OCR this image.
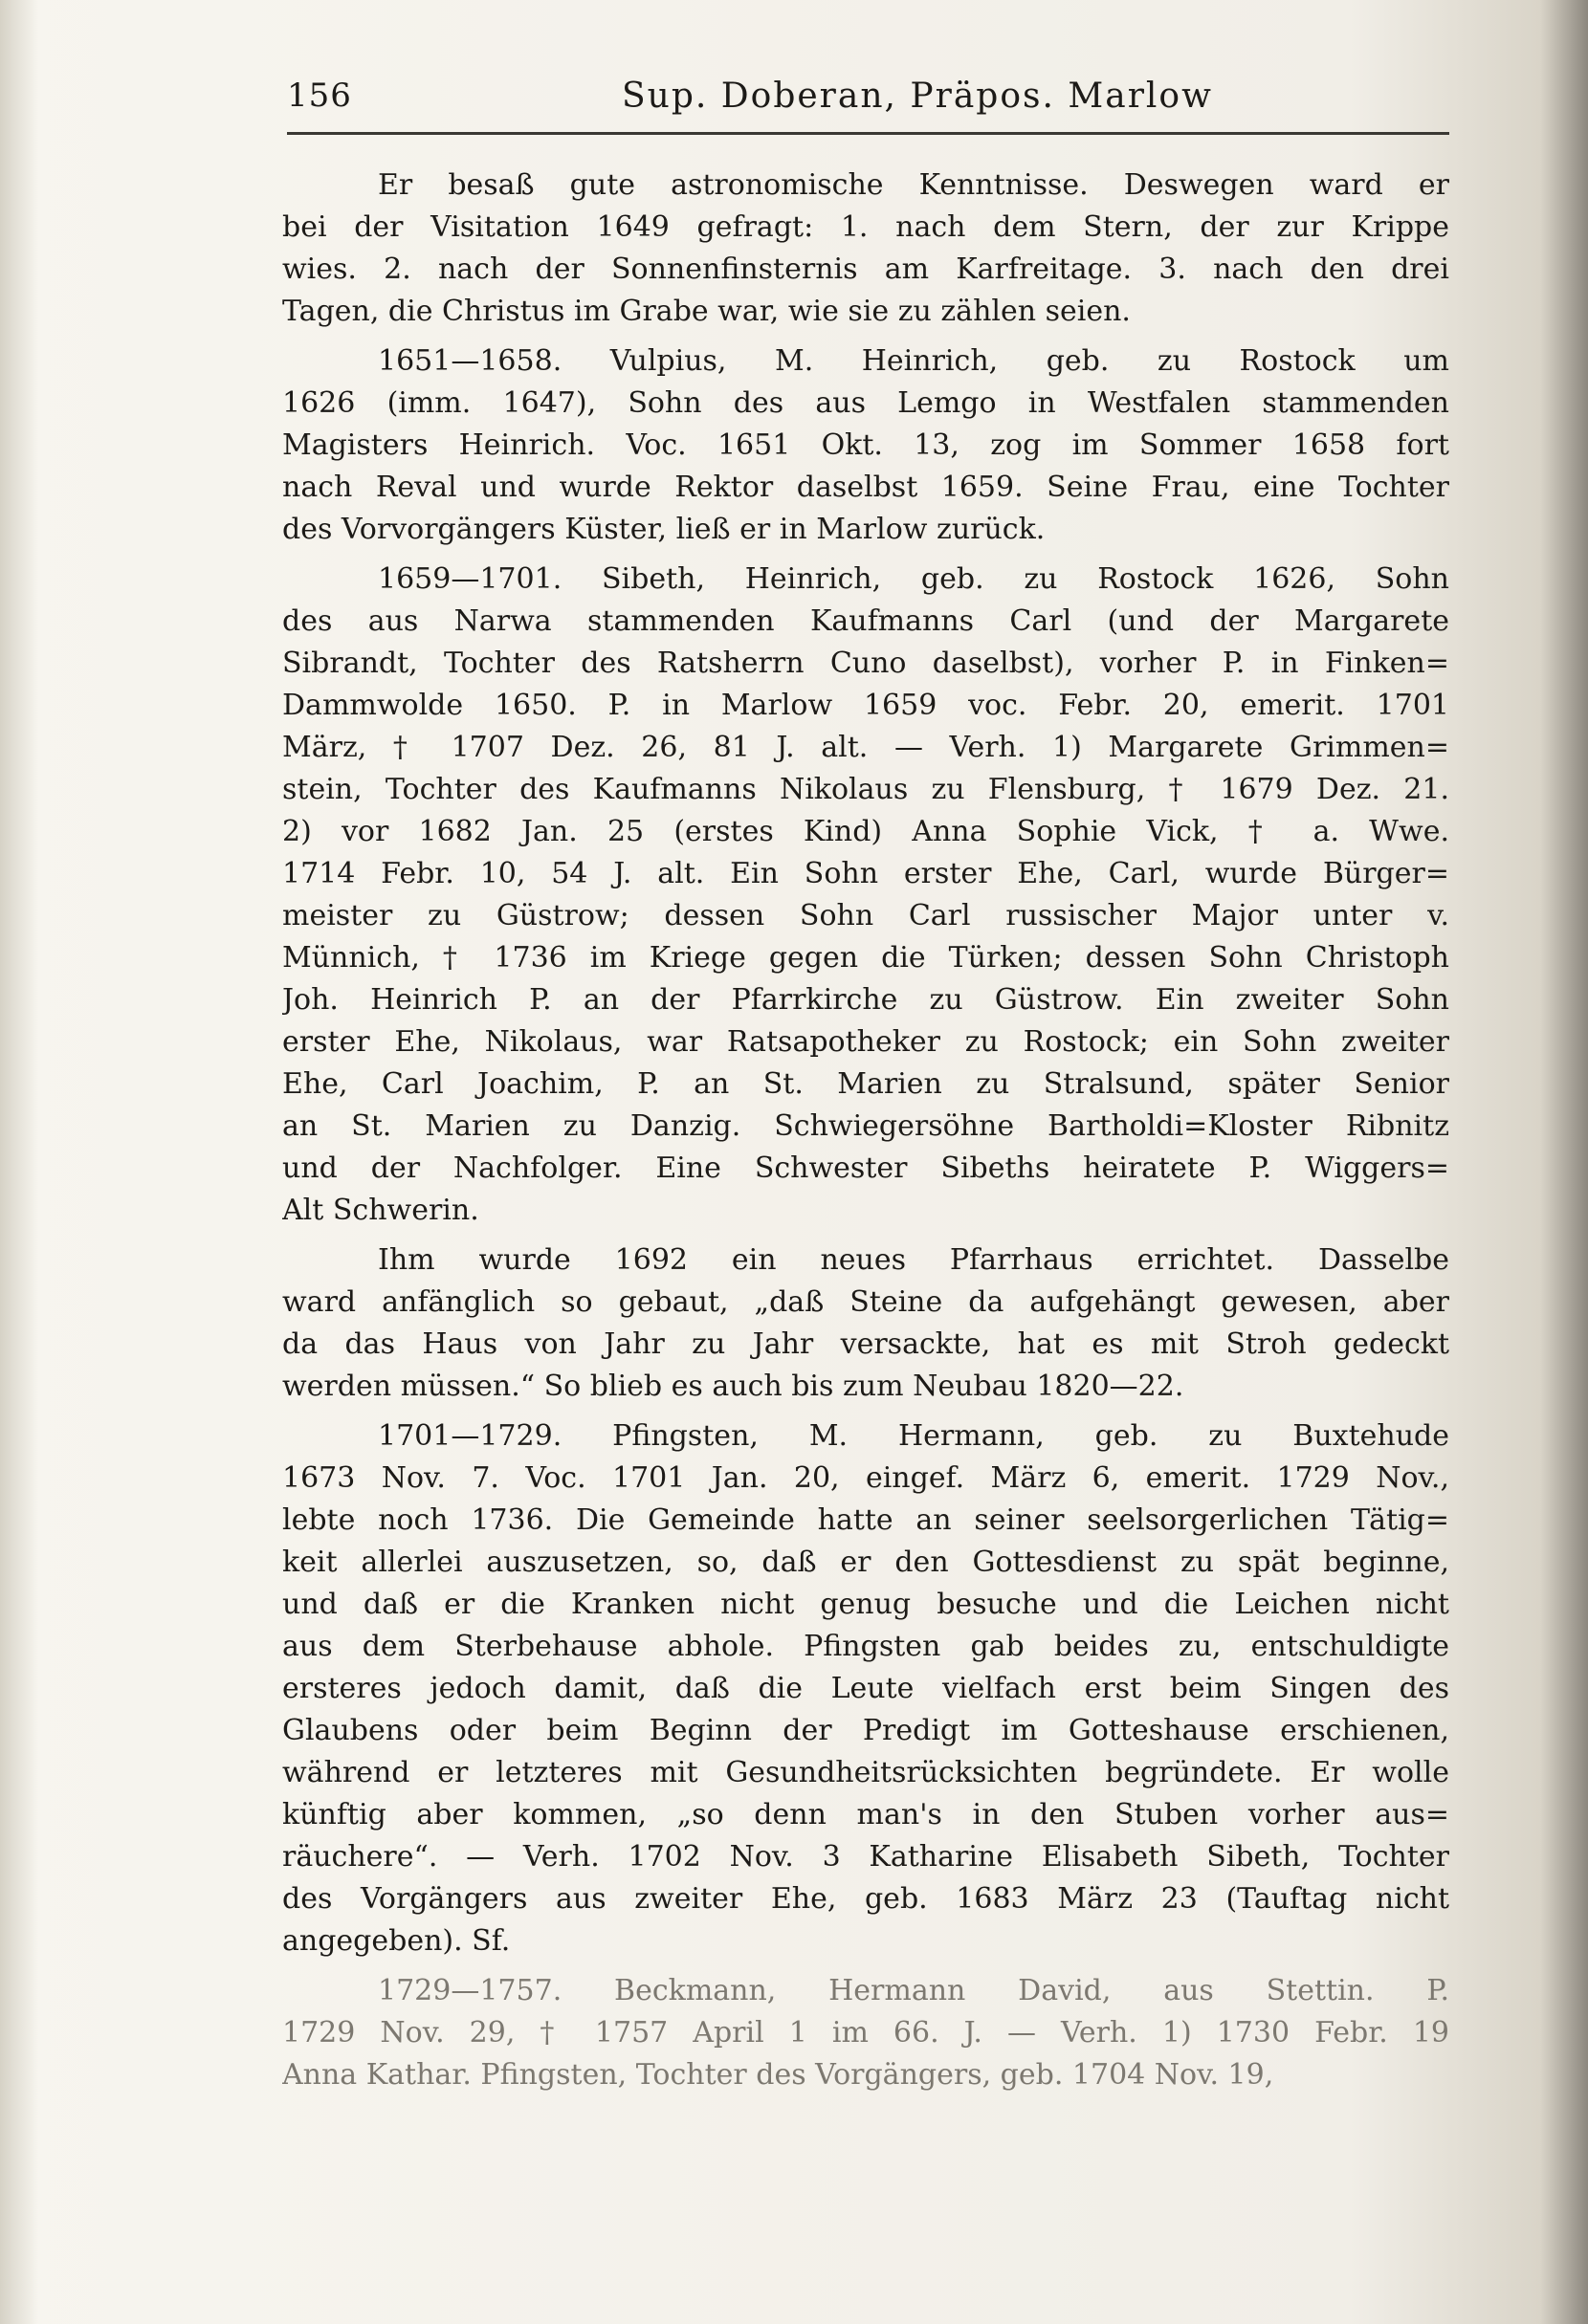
156	Sup. Doberan, Präpos. Marlow
Er besaß gute astronomische Kenntnisse. Deswegen ward er
bei der Visitation 1649 gefragt: 1. nach dem Stern, der zur Krippe
wies. 2. nach der Sonnenfinsternis am Karfreitage. 3. nach den drei
Tagen, die Christus im Grabe war, wie sie zu zählen seien.
1651—1658. Vulpius, M. Heinrich, geb. zu Rostock um
1626 (imm. 1647), Sohn des aus Lemgo in Westfalen stammenden
Magisters Heinrich. Voc. 1651 Okt. 13, zog im Sommer 1658 fort
nach Reval und wurde Rektor daselbst 1659. Seine Frau, eine Tochter
des Vorvorgängers Küster, ließ er in Marlow zurück.
1659—1701. Sibeth, Heinrich, geb. zu Rostock 1626, Sohn
des aus Narwa stammenden Kaufmanns Carl (und der Margarete
Sibrandt, Tochter des Ratsherrn Cuno daselbst), vorher P. in Finken=
Dammwolde 1650. P. in Marlow 1659 voc. Febr. 20, emerit. 1701
März, † 1707 Dez. 26, 81 J. alt. — Verh. 1) Margarete Grimmen=
stein, Tochter des Kaufmanns Nikolaus zu Flensburg, † 1679 Dez. 21.
2) vor 1682 Jan. 25 (erstes Kind) Anna Sophie Vick, † a. Wwe.
1714 Febr. 10, 54 J. alt. Ein Sohn erster Ehe, Carl, wurde Bürger=
meister zu Güstrow; dessen Sohn Carl russischer Major unter v.
Münnich, † 1736 im Kriege gegen die Türken; dessen Sohn Christoph
Joh. Heinrich P. an der Pfarrkirche zu Güstrow. Ein zweiter Sohn
erster Ehe, Nikolaus, war Ratsapotheker zu Rostock; ein Sohn zweiter
Ehe, Carl Joachim, P. an St. Marien zu Stralsund, später Senior
an St. Marien zu Danzig. Schwiegersöhne Bartholdi=Kloster Ribnitz
und der Nachfolger. Eine Schwester Sibeths heiratete P. Wiggers=
Alt Schwerin.
Ihm wurde 1692 ein neues Pfarrhaus errichtet. Dasselbe
ward anfänglich so gebaut, „daß Steine da aufgehängt gewesen, aber
da das Haus von Jahr zu Jahr versackte, hat es mit Stroh gedeckt
werden müssen.“ So blieb es auch bis zum Neubau 1820—22.
1701—1729. Pfingsten, M. Hermann, geb. zu Buxtehude
1673 Nov. 7. Voc. 1701 Jan. 20, eingef. März 6, emerit. 1729 Nov.,
lebte noch 1736. Die Gemeinde hatte an seiner seelsorgerlichen Tätig=
keit allerlei auszusetzen, so, daß er den Gottesdienst zu spät beginne,
und daß er die Kranken nicht genug besuche und die Leichen nicht
aus dem Sterbehause abhole. Pfingsten gab beides zu, entschuldigte
ersteres jedoch damit, daß die Leute vielfach erst beim Singen des
Glaubens oder beim Beginn der Predigt im Gotteshause erschienen,
während er letzteres mit Gesundheitsrücksichten begründete. Er wolle
künftig aber kommen, „so denn man's in den Stuben vorher aus=
räuchere“. — Verh. 1702 Nov. 3 Katharine Elisabeth Sibeth, Tochter
des Vorgängers aus zweiter Ehe, geb. 1683 März 23 (Tauftag nicht
angegeben). Sf.
1729—1757. Beckmann, Hermann David, aus Stettin. P.
1729 Nov. 29, † 1757 April 1 im 66. J. — Verh. 1) 1730 Febr. 19
Anna Kathar. Pfingsten, Tochter des Vorgängers, geb. 1704 Nov. 19,
